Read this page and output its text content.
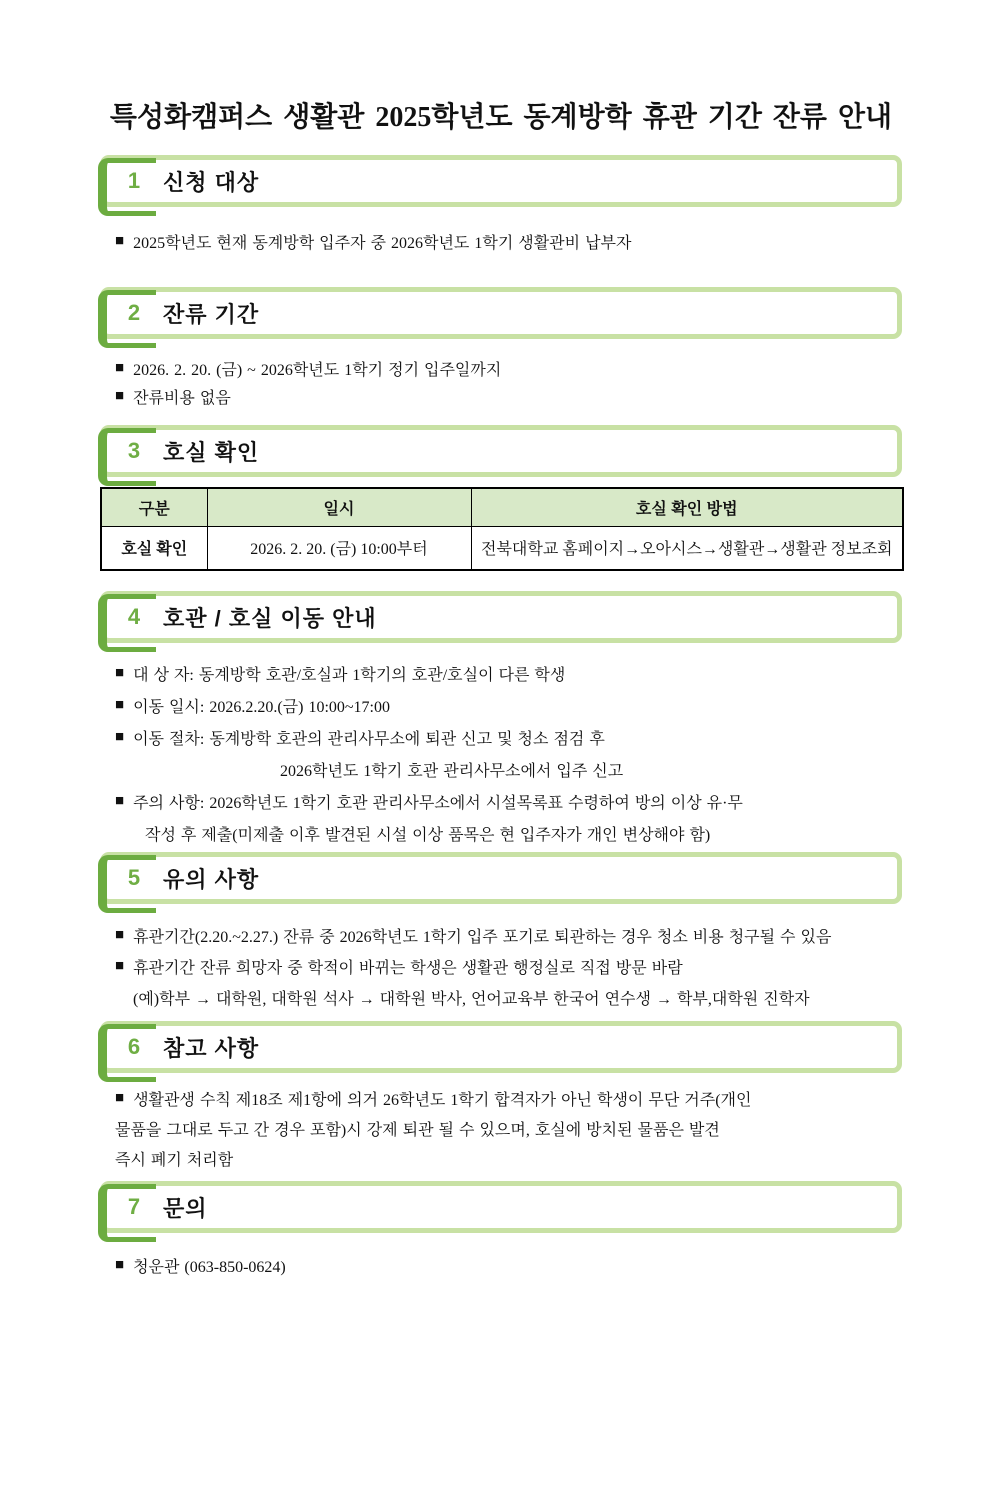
특성화캠퍼스 생활관 2025학년도 동계방학 휴관 기간 잔류 안내
1 신청 대상
■ 2025학년도 현재 동계방학 입주자 중 2026학년도 1학기 생활관비 납부자
2 잔류 기간
■ 2026. 2. 20. (금) ~ 2026학년도 1학기 정기 입주일까지
■ 잔류비용 없음
3 호실 확인
구분	일시	호실 확인 방법
호실 확인	2026. 2. 20. (금) 10:00부터	전북대학교 홈페이지→오아시스→생활관→생활관 정보조회
4 호관 / 호실 이동 안내
■ 대 상 자: 동계방학 호관/호실과 1학기의 호관/호실이 다른 학생
■ 이동 일시: 2026.2.20.(금) 10:00~17:00
■ 이동 절차: 동계방학 호관의 관리사무소에 퇴관 신고 및 청소 점검 후
2026학년도 1학기 호관 관리사무소에서 입주 신고
■ 주의 사항: 2026학년도 1학기 호관 관리사무소에서 시설목록표 수령하여 방의 이상 유·무
작성 후 제출(미제출 이후 발견된 시설 이상 품목은 현 입주자가 개인 변상해야 함)
5 유의 사항
■ 휴관기간(2.20.~2.27.) 잔류 중 2026학년도 1학기 입주 포기로 퇴관하는 경우 청소 비용 청구될 수 있음
■ 휴관기간 잔류 희망자 중 학적이 바뀌는 학생은 생활관 행정실로 직접 방문 바람
(예)학부 → 대학원, 대학원 석사 → 대학원 박사, 언어교육부 한국어 연수생 → 학부,대학원 진학자
6 참고 사항
■ 생활관생 수칙 제18조 제1항에 의거 26학년도 1학기 합격자가 아닌 학생이 무단 거주(개인
물품을 그대로 두고 간 경우 포함)시 강제 퇴관 될 수 있으며, 호실에 방치된 물품은 발견
즉시 폐기 처리함
7 문의
■ 청운관 (063-850-0624)
